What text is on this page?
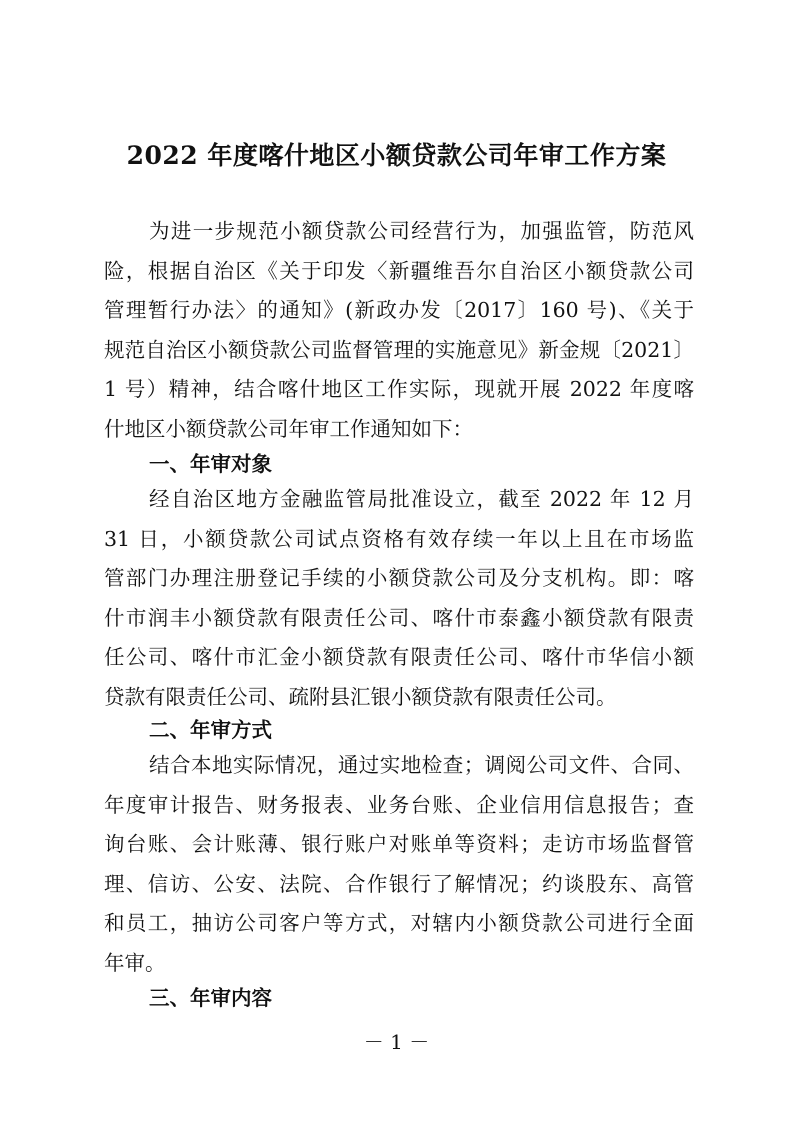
2022 年度喀什地区小额贷款公司年审工作方案
为进一步规范小额贷款公司经营行为，加强监管，防范风
险，根据自治区《关于印发〈新疆维吾尔自治区小额贷款公司
管理暂行办法〉的通知》(新政办发〔2017〕160 号)、《关于
规范自治区小额贷款公司监督管理的实施意见》新金规〔2021〕
1 号）精神，结合喀什地区工作实际，现就开展 2022 年度喀
什地区小额贷款公司年审工作通知如下：
一、年审对象
经自治区地方金融监管局批准设立，截至 2022 年 12 月
31 日，小额贷款公司试点资格有效存续一年以上且在市场监
管部门办理注册登记手续的小额贷款公司及分支机构。即：喀
什市润丰小额贷款有限责任公司、喀什市泰鑫小额贷款有限责
任公司、喀什市汇金小额贷款有限责任公司、喀什市华信小额
贷款有限责任公司、疏附县汇银小额贷款有限责任公司。
二、年审方式
结合本地实际情况，通过实地检查；调阅公司文件、合同、
年度审计报告、财务报表、业务台账、企业信用信息报告；查
询台账、会计账薄、银行账户对账单等资料；走访市场监督管
理、信访、公安、法院、合作银行了解情况；约谈股东、高管
和员工，抽访公司客户等方式，对辖内小额贷款公司进行全面
年审。
三、年审内容
－ 1 －
